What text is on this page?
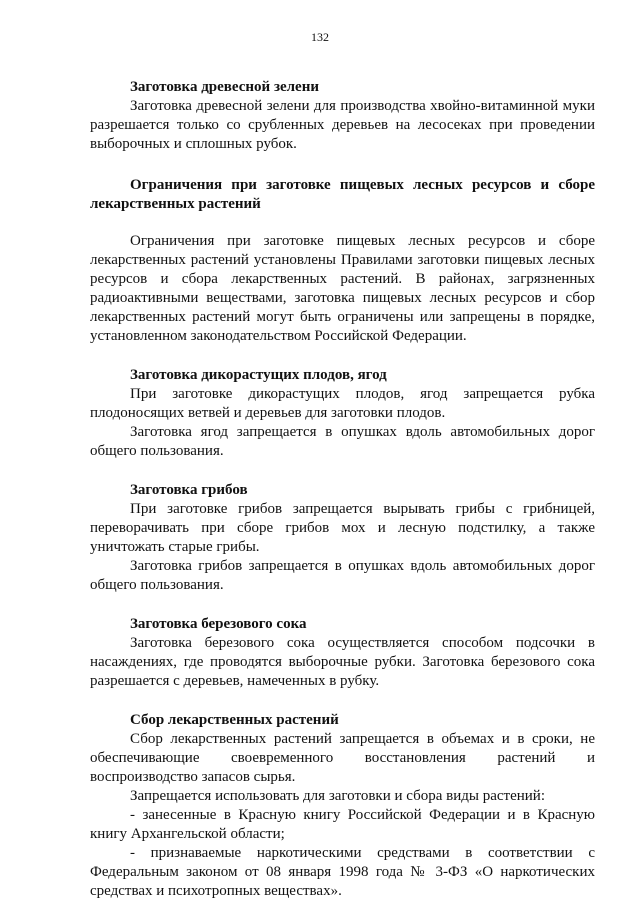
132

Заготовка древесной зелени

Заготовка древесной зелени для производства хвойно-витаминной муки разрешается только со срубленных деревьев на лесосеках при проведении выборочных и сплошных рубок.

Ограничения при заготовке пищевых лесных ресурсов и сборе лекарственных растений

Ограничения при заготовке пищевых лесных ресурсов и сборе лекарственных растений установлены Правилами заготовки пищевых лесных ресурсов и сбора лекарственных растений. В районах, загрязненных радиоактивными веществами, заготовка пищевых лесных ресурсов и сбор лекарственных растений могут быть ограничены или запрещены в порядке, установленном законодательством Российской Федерации.

Заготовка дикорастущих плодов, ягод

При заготовке дикорастущих плодов, ягод запрещается рубка плодоносящих ветвей и деревьев для заготовки плодов.

Заготовка ягод запрещается в опушках вдоль автомобильных дорог общего пользования.

Заготовка грибов

При заготовке грибов запрещается вырывать грибы с грибницей, переворачивать при сборе грибов мох и лесную подстилку, а также уничтожать старые грибы.

Заготовка грибов запрещается в опушках вдоль автомобильных дорог общего пользования.

Заготовка березового сока

Заготовка березового сока осуществляется способом подсочки в насаждениях, где проводятся выборочные рубки. Заготовка березового сока разрешается с деревьев, намеченных в рубку.

Сбор лекарственных растений

Сбор лекарственных растений запрещается в объемах и в сроки, не обеспечивающие своевременного восстановления растений и воспроизводство запасов сырья.

Запрещается использовать для заготовки и сбора виды растений:

- занесенные в Красную книгу Российской Федерации и в Красную книгу Архангельской области;

- признаваемые наркотическими средствами в соответствии с Федеральным законом от 08 января 1998 года № 3-ФЗ «О наркотических средствах и психотропных веществах».
